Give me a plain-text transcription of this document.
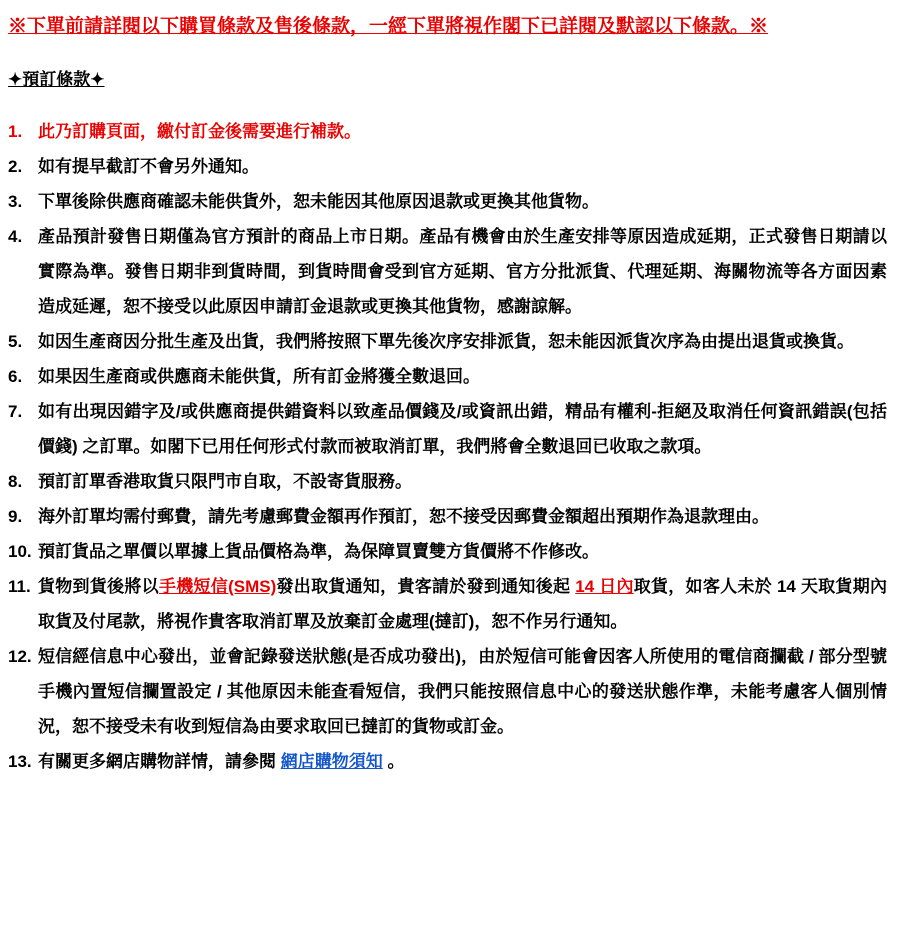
※下單前請詳閱以下購買條款及售後條款，一經下單將視作閣下已詳閱及默認以下條款。※
✦預訂條款✦
1. 此乃訂購頁面，繳付訂金後需要進行補款。
2. 如有提早截訂不會另外通知。
3. 下單後除供應商確認未能供貨外，恕未能因其他原因退款或更換其他貨物。
4. 產品預計發售日期僅為官方預計的商品上市日期。產品有機會由於生產安排等原因造成延期，正式發售日期請以實際為準。發售日期非到貨時間，到貨時間會受到官方延期、官方分批派貨、代理延期、海關物流等各方面因素造成延遲，恕不接受以此原因申請訂金退款或更換其他貨物，感謝諒解。
5. 如因生產商因分批生產及出貨，我們將按照下單先後次序安排派貨，恕未能因派貨次序為由提出退貨或換貨。
6. 如果因生產商或供應商未能供貨，所有訂金將獲全數退回。
7. 如有出現因錯字及/或供應商提供錯資料以致產品價錢及/或資訊出錯，精品有權利-拒絕及取消任何資訊錯誤(包括價錢) 之訂單。如閣下已用任何形式付款而被取消訂單，我們將會全數退回已收取之款項。
8. 預訂訂單香港取貨只限門市自取，不設寄貨服務。
9. 海外訂單均需付郵費，請先考慮郵費金額再作預訂，恕不接受因郵費金額超出預期作為退款理由。
10. 預訂貨品之單價以單據上貨品價格為準，為保障買賣雙方貨價將不作修改。
11. 貨物到貨後將以手機短信(SMS)發出取貨通知，貴客請於發到通知後起 14 日內取貨，如客人未於 14 天取貨期內取貨及付尾款，將視作貴客取消訂單及放棄訂金處理(撻訂)，恕不作另行通知。
12. 短信經信息中心發出，並會記錄發送狀態(是否成功發出)，由於短信可能會因客人所使用的電信商攔截 / 部分型號手機內置短信攔置設定 / 其他原因未能查看短信，我們只能按照信息中心的發送狀態作準，未能考慮客人個別情況，恕不接受未有收到短信為由要求取回已撻訂的貨物或訂金。
13. 有關更多網店購物詳情，請參閱 網店購物須知 。
